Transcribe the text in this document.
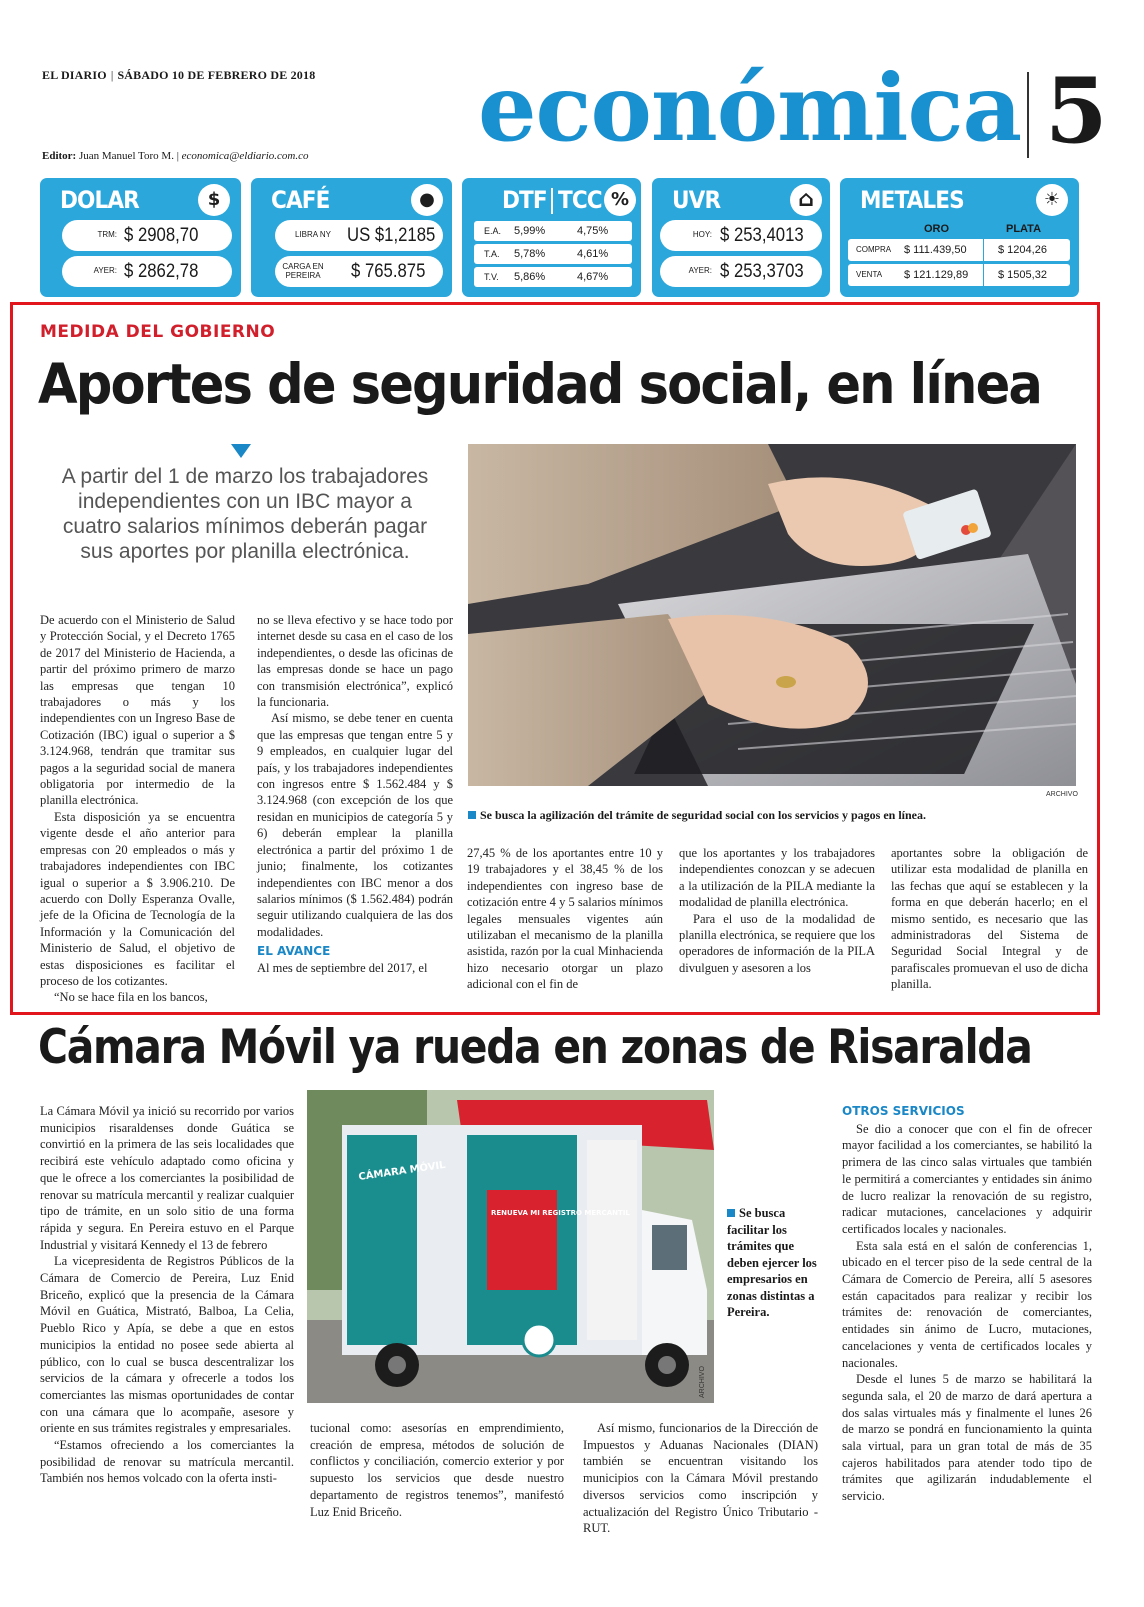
EL DIARIO | SÁBADO 10 DE FEBRERO DE 2018
Editor: Juan Manuel Toro M. | economica@eldiario.com.co económica 5
DOLAR	$
TRM: $ 2908,70
AYER: $ 2862,78
CAFÉ	●
LIBRA NY US $1,2185
CARGA EN PEREIRA	$ 765.875
DTF TCC %
E.A. 5,99%	4,75%
T.A. 5,78%	4,61%
T.V. 5,86%	4,67%
UVR	⌂
HOY: $ 253,4013
AYER: $ 253,3703
METALES	☀
ORO	PLATA
COMPRA $ 111.439,50	$ 1204,26
VENTA $ 121.129,89	$ 1505,32
MEDIDA DEL GOBIERNO
Aportes de seguridad social, en línea
A partir del 1 de marzo los trabajadores independientes con un IBC mayor a cuatro salarios mínimos deberán pagar sus aportes por planilla electrónica.

De acuerdo con el Ministerio de Salud y Protección Social, y el Decreto 1765 de 2017 del Ministerio de Hacienda, a partir del próximo primero de marzo las empresas que tengan 10 trabajadores o más y los independientes con un Ingreso Base de Cotización (IBC) igual o superior a $ 3.124.968, tendrán que tramitar sus pagos a la seguridad social de manera obligatoria por intermedio de la planilla electrónica.

Esta disposición ya se encuentra vigente desde el año anterior para empresas con 20 empleados o más y trabajadores independientes con IBC igual o superior a $ 3.906.210. De acuerdo con Dolly Esperanza Ovalle, jefe de la Oficina de Tecnología de la Información y la Comunicación del Ministerio de Salud, el objetivo de estas disposiciones es facilitar el proceso de los cotizantes.

“No se hace fila en los bancos,

no se lleva efectivo y se hace todo por internet desde su casa en el caso de los independientes, o desde las oficinas de las empresas donde se hace un pago con transmisión electrónica”, explicó la funcionaria.

Así mismo, se debe tener en cuenta que las empresas que tengan entre 5 y 9 empleados, en cualquier lugar del país, y los trabajadores independientes con ingresos entre $ 1.562.484 y $ 3.124.968 (con excepción de los que residan en municipios de categoría 5 y 6) deberán emplear la planilla electrónica a partir del próximo 1 de junio; finalmente, los cotizantes independientes con IBC menor a dos salarios mínimos ($ 1.562.484) podrán seguir utilizando cualquiera de las dos modalidades.

EL AVANCE

Al mes de septiembre del 2017, el

ARCHIVO
Se busca la agilización del trámite de seguridad social con los servicios y pagos en línea.

27,45 % de los aportantes entre 10 y 19 trabajadores y el 38,45 % de los independientes con ingreso base de cotización entre 4 y 5 salarios mínimos legales mensuales vigentes aún utilizaban el mecanismo de la planilla asistida, razón por la cual Minhacienda hizo necesario otorgar un plazo adicional con el fin de

que los aportantes y los trabajadores independientes conozcan y se adecuen a la utilización de la PILA mediante la modalidad de planilla electrónica.

Para el uso de la modalidad de planilla electrónica, se requiere que los operadores de información de la PILA divulguen y asesoren a los

aportantes sobre la obligación de utilizar esta modalidad de planilla en las fechas que aquí se establecen y la forma en que deberán hacerlo; en el mismo sentido, es necesario que las administradoras del Sistema de Seguridad Social Integral y de parafiscales promuevan el uso de dicha planilla.

Cámara Móvil ya rueda en zonas de Risaralda

La Cámara Móvil ya inició su recorrido por varios municipios risaraldenses donde Guática se convirtió en la primera de las seis localidades que recibirá este vehículo adaptado como oficina y que le ofrece a los comerciantes la posibilidad de renovar su matrícula mercantil y realizar cualquier tipo de trámite, en un solo sitio de una forma rápida y segura. En Pereira estuvo en el Parque Industrial y visitará Kennedy el 13 de febrero

La vicepresidenta de Registros Públicos de la Cámara de Comercio de Pereira, Luz Enid Briceño, explicó que la presencia de la Cámara Móvil en Guática, Mistrató, Balboa, La Celia, Pueblo Rico y Apía, se debe a que en estos municipios la entidad no posee sede abierta al público, con lo cual se busca descentralizar los servicios de la cámara y ofrecerle a todos los comerciantes las mismas oportunidades de contar con una cámara que lo acompañe, asesore y oriente en sus trámites registrales y empresariales.

“Estamos ofreciendo a los comerciantes la posibilidad de renovar su matrícula mercantil. También nos hemos volcado con la oferta insti-

CÁMARA MÓVIL
RENUEVA MI REGISTRO MERCANTIL
ARCHIVO
Se busca facilitar los trámites que deben ejercer los empresarios en zonas distintas a Pereira.

tucional como: asesorías en emprendimiento, creación de empresa, métodos de solución de conflictos y conciliación, comercio exterior y por supuesto los servicios que desde nuestro departamento de registros tenemos”, manifestó Luz Enid Briceño.

Así mismo, funcionarios de la Dirección de Impuestos y Aduanas Nacionales (DIAN) también se encuentran visitando los municipios con la Cámara Móvil prestando diversos servicios como inscripción y actualización del Registro Único Tributario - RUT.

OTROS SERVICIOS

Se dio a conocer que con el fin de ofrecer mayor facilidad a los comerciantes, se habilitó la primera de las cinco salas virtuales que también le permitirá a comerciantes y entidades sin ánimo de lucro realizar la renovación de su registro, radicar mutaciones, cancelaciones y adquirir certificados locales y nacionales.

Esta sala está en el salón de conferencias 1, ubicado en el tercer piso de la sede central de la Cámara de Comercio de Pereira, allí 5 asesores están capacitados para realizar y recibir los trámites de: renovación de comerciantes, entidades sin ánimo de Lucro, mutaciones, cancelaciones y venta de certificados locales y nacionales.

Desde el lunes 5 de marzo se habilitará la segunda sala, el 20 de marzo de dará apertura a dos salas virtuales más y finalmente el lunes 26 de marzo se pondrá en funcionamiento la quinta sala virtual, para un gran total de más de 35 cajeros habilitados para atender todo tipo de trámites que agilizarán indudablemente el servicio.
